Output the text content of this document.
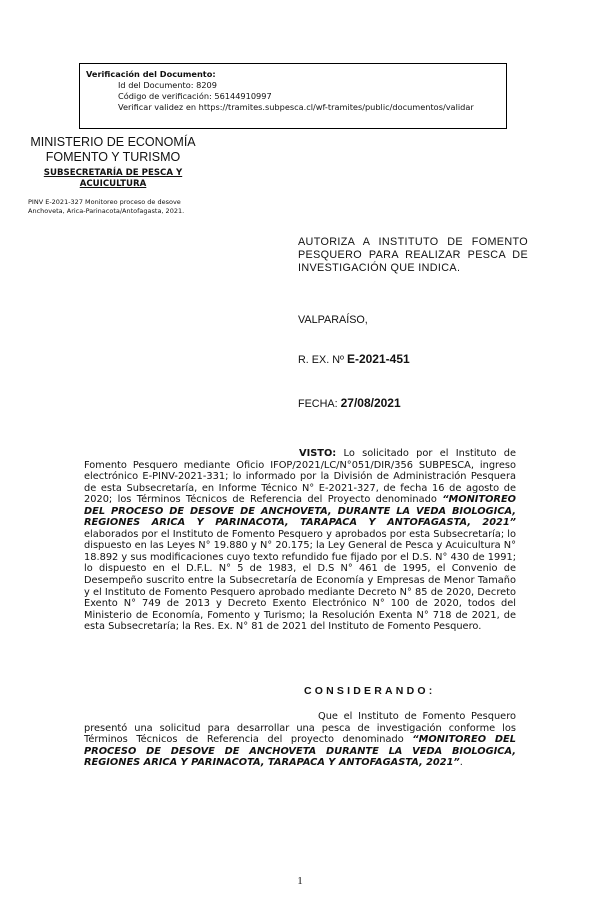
Verificación del Documento:
• Id del Documento: 8209
• Código de verificación: 56144910997
• Verificar validez en https://tramites.subpesca.cl/wf-tramites/public/documentos/validar
MINISTERIO DE ECONOMÍA
FOMENTO Y TURISMO
SUBSECRETARÍA DE PESCA Y
ACUICULTURA
PINV E-2021-327 Monitoreo proceso de desove
Anchoveta, Arica-Parinacota/Antofagasta, 2021.
AUTORIZA A INSTITUTO DE FOMENTO PESQUERO PARA REALIZAR PESCA DE INVESTIGACIÓN QUE INDICA.
VALPARAÍSO,
R. EX. Nº E-2021-451
FECHA: 27/08/2021

VISTO: Lo solicitado por el Instituto de Fomento Pesquero mediante Oficio IFOP/2021/LC/N°051/DIR/356 SUBPESCA, ingreso electrónico E-PINV-2021-331; lo informado por la División de Administración Pesquera de esta Subsecretaría, en Informe Técnico N° E-2021-327, de fecha 16 de agosto de 2020; los Términos Técnicos de Referencia del Proyecto denominado “MONITOREO DEL PROCESO DE DESOVE DE ANCHOVETA, DURANTE LA VEDA BIOLOGICA, REGIONES ARICA Y PARINACOTA, TARAPACA Y ANTOFAGASTA, 2021” elaborados por el Instituto de Fomento Pesquero y aprobados por esta Subsecretaría; lo dispuesto en las Leyes N° 19.880 y N° 20.175; la Ley General de Pesca y Acuicultura N° 18.892 y sus modificaciones cuyo texto refundido fue fijado por el D.S. N° 430 de 1991; lo dispuesto en el D.F.L. N° 5 de 1983, el D.S N° 461 de 1995, el Convenio de Desempeño suscrito entre la Subsecretaría de Economía y Empresas de Menor Tamaño y el Instituto de Fomento Pesquero aprobado mediante Decreto N° 85 de 2020, Decreto Exento N° 749 de 2013 y Decreto Exento Electrónico N° 100 de 2020, todos del Ministerio de Economía, Fomento y Turismo; la Resolución Exenta N° 718 de 2021, de esta Subsecretaría; la Res. Ex. N° 81 de 2021 del Instituto de Fomento Pesquero.

CONSIDERANDO:

Que el Instituto de Fomento Pesquero presentó una solicitud para desarrollar una pesca de investigación conforme los Términos Técnicos de Referencia del proyecto denominado “MONITOREO DEL PROCESO DE DESOVE DE ANCHOVETA DURANTE LA VEDA BIOLOGICA, REGIONES ARICA Y PARINACOTA, TARAPACA Y ANTOFAGASTA, 2021”.

1
